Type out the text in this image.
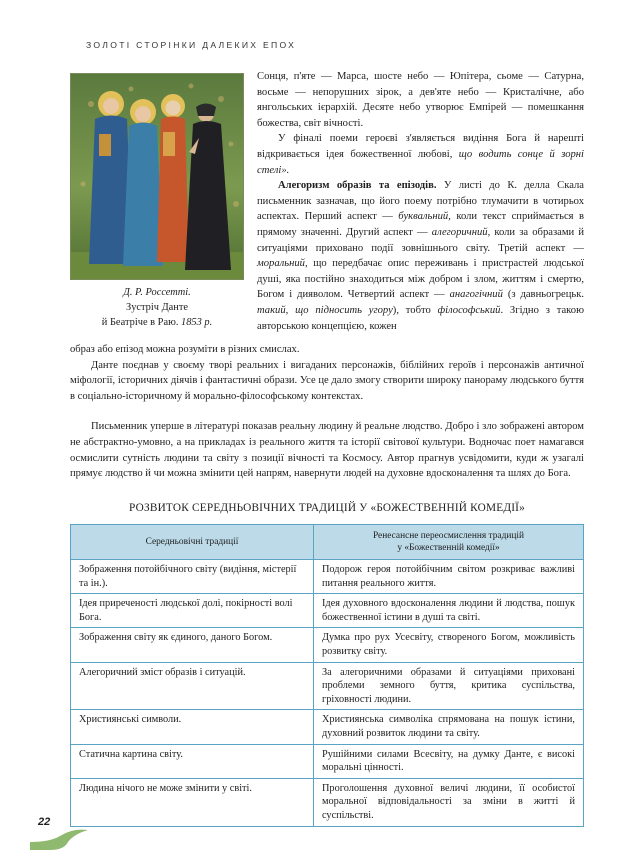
ЗОЛОТІ СТОРІНКИ ДАЛЕКИХ ЕПОХ
Д. Р. Россетті.
Зустріч Данте
й Беатріче в Раю. 1853 р.

Сонця, п'яте — Марса, шосте небо — Юпітера, сьоме — Сатурна, восьме — непорушних зірок, а дев'яте небо — Кристалічне, або янгольських ієрархій. Десяте небо утворює Емпірей — помешкання божества, світ вічності.

У фіналі поеми героєві з'являється видіння Бога й нарешті відкривається ідея божественної любові, що водить сонце й зорні стелі».

Алегоризм образів та епізодів. У листі до К. делла Скала письменник зазначав, що його поему потрібно тлумачити в чотирьох аспектах. Перший аспект — буквальний, коли текст сприймається в прямому значенні. Другий аспект — алегоричний, коли за образами й ситуаціями приховано події зовнішнього світу. Третій аспект — моральний, що передбачає опис переживань і пристрастей людської душі, яка постійно знаходиться між добром і злом, життям і смертю, Богом і дияволом. Четвертий аспект — анагогічний (з давньогрецьк. такий, що підносить угору), тобто філософський. Згідно з такою авторською концепцією, кожен

образ або епізод можна розуміти в різних смислах.

Данте поєднав у своєму творі реальних і вигаданих персонажів, біблійних героїв і персонажів античної міфології, історичних діячів і фантастичні образи. Усе це дало змогу створити широку панораму людського буття в соціально-історичному й морально-філософському контекстах.

Письменник уперше в літературі показав реальну людину й реальне людство. Добро і зло зображені автором не абстрактно-умовно, а на прикладах із реального життя та історії світової культури. Водночас поет намагався осмислити сутність людини та світу з позиції вічності та Космосу. Автор прагнув усвідомити, куди ж узагалі прямує людство й чи можна змінити цей напрям, навернути людей на духовне вдосконалення та шлях до Бога.

РОЗВИТОК СЕРЕДНЬОВІЧНИХ ТРАДИЦІЙ У «БОЖЕСТВЕННІЙ КОМЕДІЇ»
Середньовічні традиції	Ренесансне переосмислення традицій
у «Божественній комедії»
Зображення потойбічного світу (видіння, містерії та ін.).	Подорож героя потойбічним світом розкриває важливі питання реального життя.
Ідея приреченості людської долі, покірності волі Бога.	Ідея духовного вдосконалення людини й людства, пошук божественної істини в душі та світі.
Зображення світу як єдиного, даного Богом.	Думка про рух Усесвіту, створеного Богом, можливість розвитку світу.
Алегоричний зміст образів і ситуацій.	За алегоричними образами й ситуаціями приховані проблеми земного буття, критика суспільства, гріховності людини.
Християнські символи.	Християнська символіка спрямована на пошук істини, духовний розвиток людини та світу.
Статична картина світу.	Рушійними силами Всесвіту, на думку Данте, є високі моральні цінності.
Людина нічого не може змінити у світі.	Проголошення духовної величі людини, її особистої моральної відповідальності за зміни в житті й суспільстві.
22
